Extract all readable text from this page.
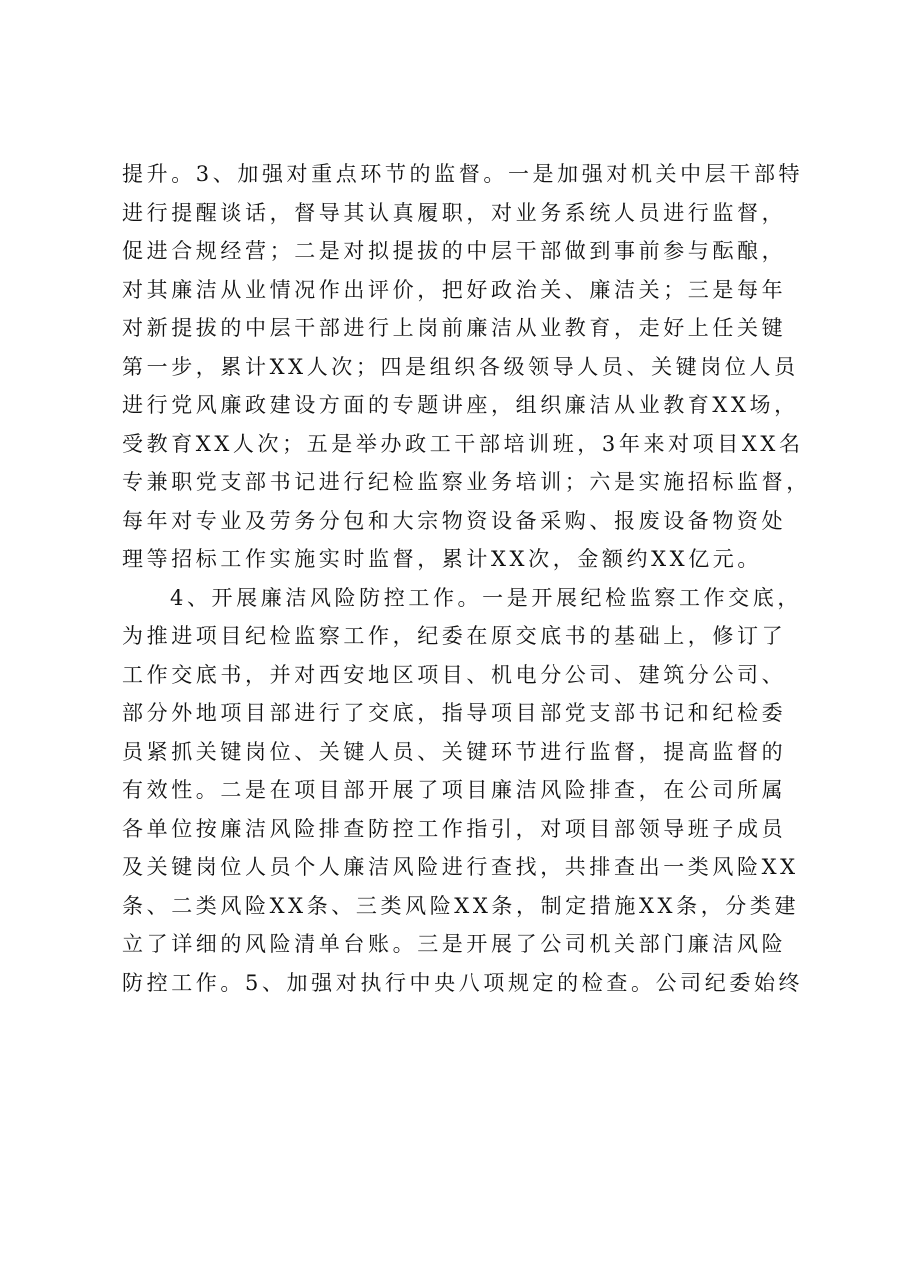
提升。3、加强对重点环节的监督。一是加强对机关中层干部特
进行提醒谈话，督导其认真履职，对业务系统人员进行监督，
促进合规经营；二是对拟提拔的中层干部做到事前参与酝酿，
对其廉洁从业情况作出评价，把好政治关、廉洁关；三是每年
对新提拔的中层干部进行上岗前廉洁从业教育，走好上任关键
第一步，累计XX人次；四是组织各级领导人员、关键岗位人员
进行党风廉政建设方面的专题讲座，组织廉洁从业教育XX场，
受教育XX人次；五是举办政工干部培训班，3年来对项目XX名
专兼职党支部书记进行纪检监察业务培训；六是实施招标监督，
每年对专业及劳务分包和大宗物资设备采购、报废设备物资处
理等招标工作实施实时监督，累计XX次，金额约XX亿元。
4、开展廉洁风险防控工作。一是开展纪检监察工作交底，
为推进项目纪检监察工作，纪委在原交底书的基础上，修订了
工作交底书，并对西安地区项目、机电分公司、建筑分公司、
部分外地项目部进行了交底，指导项目部党支部书记和纪检委
员紧抓关键岗位、关键人员、关键环节进行监督，提高监督的
有效性。二是在项目部开展了项目廉洁风险排查，在公司所属
各单位按廉洁风险排查防控工作指引，对项目部领导班子成员
及关键岗位人员个人廉洁风险进行查找，共排查出一类风险XX
条、二类风险XX条、三类风险XX条，制定措施XX条，分类建
立了详细的风险清单台账。三是开展了公司机关部门廉洁风险
防控工作。5、加强对执行中央八项规定的检查。公司纪委始终
